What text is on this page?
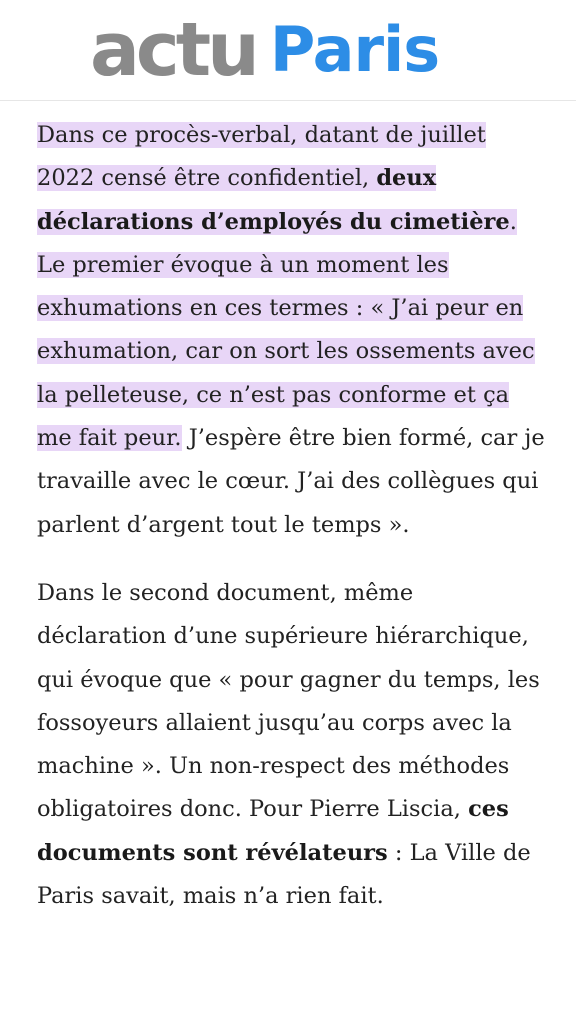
actu Paris

Dans ce procès-verbal, datant de juillet 2022 censé être confidentiel, deux déclarations d’employés du cimetière. Le premier évoque à un moment les exhumations en ces termes : « J’ai peur en exhumation, car on sort les ossements avec la pelleteuse, ce n’est pas conforme et ça me fait peur. J’espère être bien formé, car je travaille avec le cœur. J’ai des collègues qui parlent d’argent tout le temps ».

Dans le second document, même déclaration d’une supérieure hiérarchique, qui évoque que « pour gagner du temps, les fossoyeurs allaient jusqu’au corps avec la machine ». Un non-respect des méthodes obligatoires donc. Pour Pierre Liscia, ces documents sont révélateurs : La Ville de Paris savait, mais n’a rien fait.
